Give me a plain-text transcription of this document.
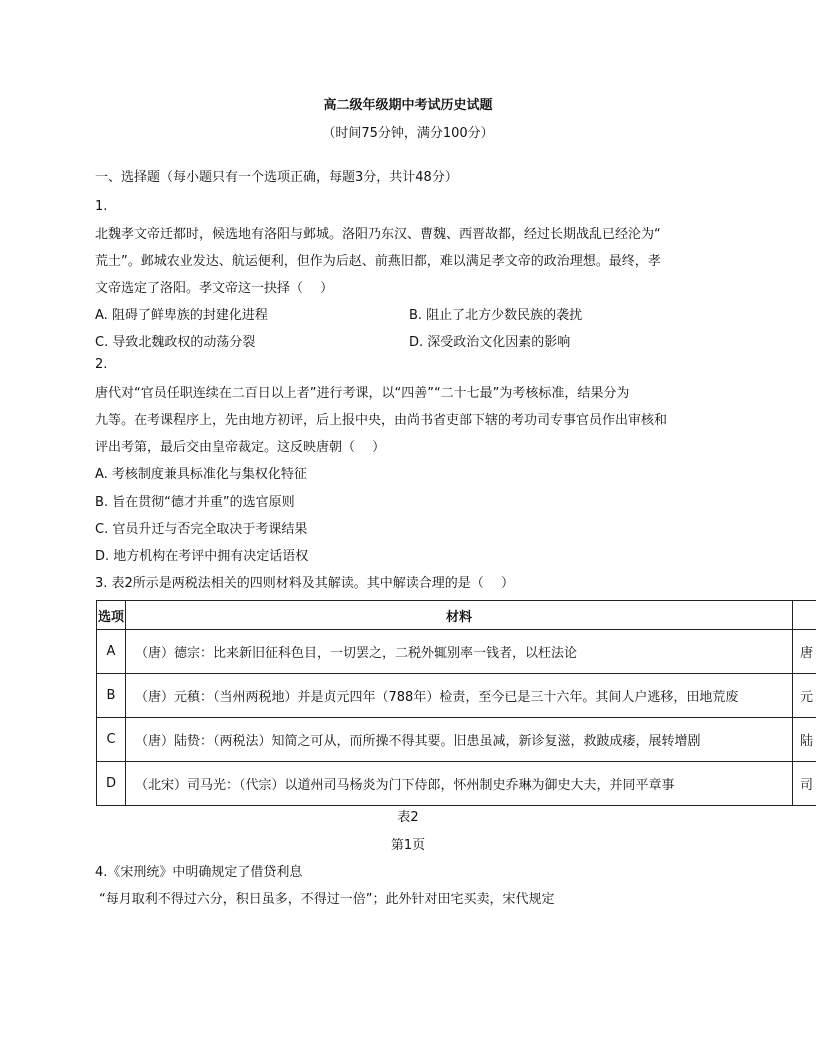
高二级年级期中考试历史试题
（时间75分钟，满分100分）
一、选择题（每小题只有一个选项正确，每题3分，共计48分）
1.
北魏孝文帝迁都时，候选地有洛阳与邺城。洛阳乃东汉、曹魏、西晋故都，经过长期战乱已经沦为“
荒土”。邺城农业发达、航运便利，但作为后赵、前燕旧都，难以满足孝文帝的政治理想。最终，孝
文帝选定了洛阳。孝文帝这一抉择（　 ）
A. 阻碍了鲜卑族的封建化进程	B. 阻止了北方少数民族的袭扰
C. 导致北魏政权的动荡分裂	D. 深受政治文化因素的影响
2.
唐代对“官员任职连续在二百日以上者”进行考课，以“四善”“二十七最”为考核标准，结果分为
九等。在考课程序上，先由地方初评，后上报中央，由尚书省吏部下辖的考功司专事官员作出审核和
评出考第，最后交由皇帝裁定。这反映唐朝（　 ）
A. 考核制度兼具标准化与集权化特征
B. 旨在贯彻“德才并重”的选官原则
C. 官员升迁与否完全取决于考课结果
D. 地方机构在考评中拥有决定话语权
3. 表2所示是两税法相关的四则材料及其解读。其中解读合理的是（　 ）
选项	材料	
A	（唐）德宗：比来新旧征科色目，一切罢之，二税外辄别率一钱者，以枉法论	唐
B	（唐）元稹：（当州两税地）并是贞元四年（788年）检责，至今已是三十六年。其间人户逃移，田地荒废	元
C	（唐）陆贽：（两税法）知简之可从，而所操不得其要。旧患虽减，新诊复滋，救跛成痿，展转增剧	陆
D	（北宋）司马光：（代宗）以道州司马杨炎为门下侍郎，怀州制史乔琳为御史大夫，并同平章事	司
表2
第1页
4.《宋刑统》中明确规定了借贷利息
“每月取利不得过六分，积日虽多，不得过一倍”；此外针对田宅买卖，宋代规定
